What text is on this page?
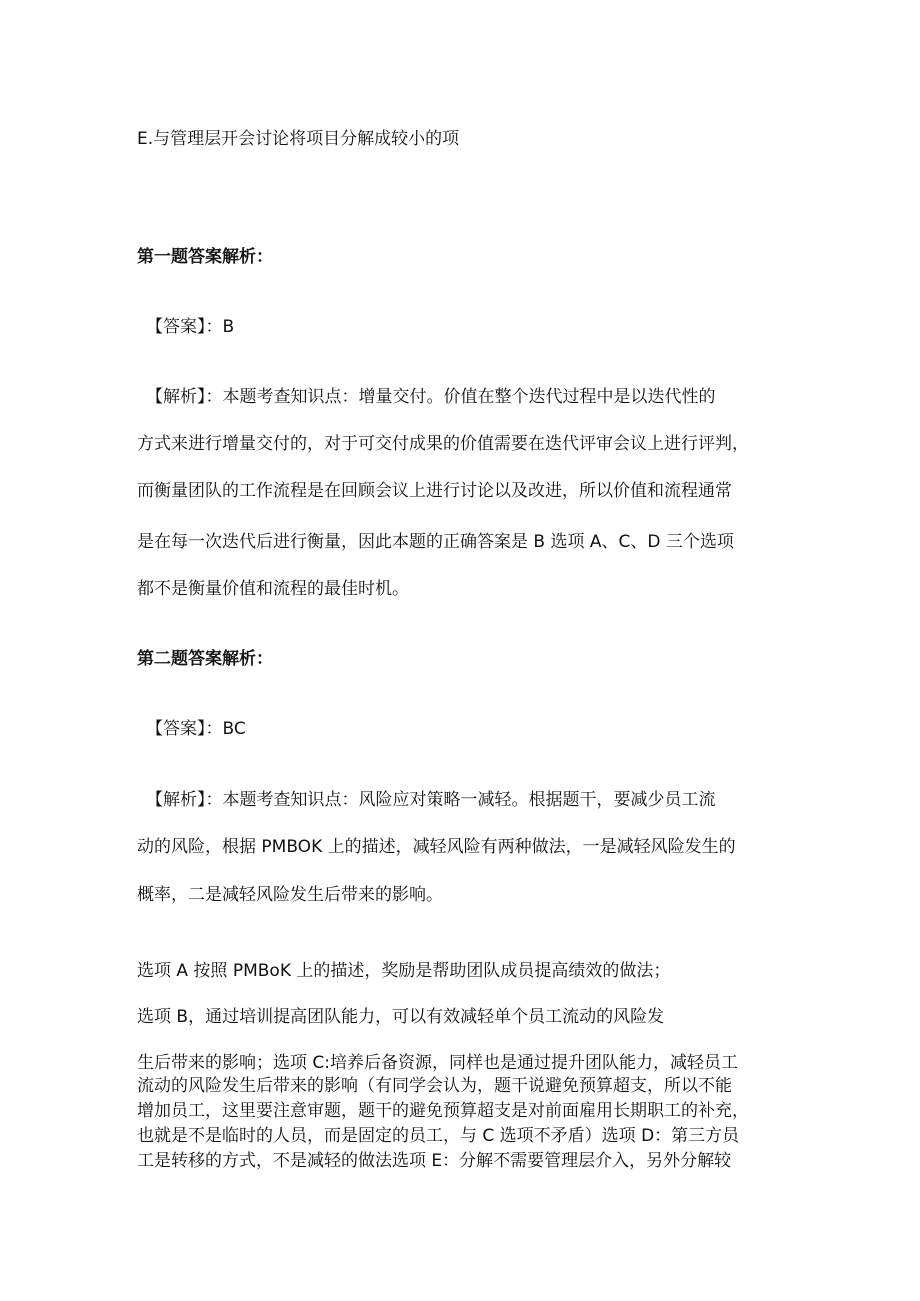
E.与管理层开会讨论将项目分解成较小的项
第一题答案解析：
【答案】：B
【解析】：本题考查知识点：增量交付。价值在整个迭代过程中是以迭代性的
方式来进行增量交付的，对于可交付成果的价值需要在迭代评审会议上进行评判，
而衡量团队的工作流程是在回顾会议上进行讨论以及改进，所以价值和流程通常
是在每一次迭代后进行衡量，因此本题的正确答案是 B 选项 A、C、D 三个选项
都不是衡量价值和流程的最佳时机。
第二题答案解析：
【答案】：BC
【解析】：本题考查知识点：风险应对策略一减轻。根据题干，要减少员工流
动的风险，根据 PMBOK 上的描述，减轻风险有两种做法，一是减轻风险发生的
概率，二是减轻风险发生后带来的影响。
选项 A 按照 PMBoK 上的描述，奖励是帮助团队成员提高绩效的做法；
选项 B，通过培训提高团队能力，可以有效减轻单个员工流动的风险发
生后带来的影响；选项 C:培养后备资源，同样也是通过提升团队能力，减轻员工
流动的风险发生后带来的影响（有同学会认为，题干说避免预算超支，所以不能
增加员工，这里要注意审题，题干的避免预算超支是对前面雇用长期职工的补充，
也就是不是临时的人员，而是固定的员工，与 C 选项不矛盾）选项 D：第三方员
工是转移的方式，不是减轻的做法选项 E：分解不需要管理层介入，另外分解较
